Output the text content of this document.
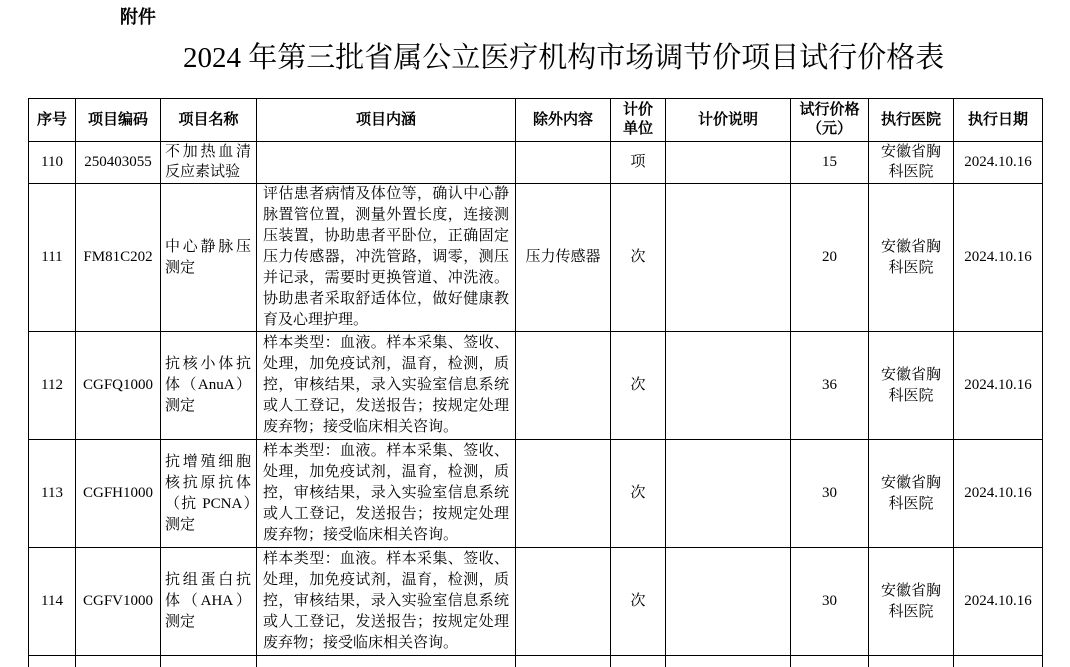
附件
2024 年第三批省属公立医疗机构市场调节价项目试行价格表
序号	项目编码	项目名称	项目内涵	除外内容	计价单位	计价说明	试行价格（元）	执行医院	执行日期
110	250403055	不加热血清反应素试验			项		15	安徽省胸科医院	2024.10.16
111	FM81C202	中心静脉压测定	评估患者病情及体位等，确认中心静脉置管位置，测量外置长度，连接测压装置，协助患者平卧位，正确固定压力传感器，冲洗管路，调零，测压并记录，需要时更换管道、冲洗液。协助患者采取舒适体位，做好健康教育及心理护理。	压力传感器	次		20	安徽省胸科医院	2024.10.16
112	CGFQ1000	抗核小体抗体（AnuA）测定	样本类型：血液。样本采集、签收、处理，加免疫试剂，温育，检测，质控，审核结果，录入实验室信息系统或人工登记，发送报告；按规定处理废弃物；接受临床相关咨询。		次		36	安徽省胸科医院	2024.10.16
113	CGFH1000	抗增殖细胞核抗原抗体（抗 PCNA）测定	样本类型：血液。样本采集、签收、处理，加免疫试剂，温育，检测，质控，审核结果，录入实验室信息系统或人工登记，发送报告；按规定处理废弃物；接受临床相关咨询。		次		30	安徽省胸科医院	2024.10.16
114	CGFV1000	抗组蛋白抗体（AHA）测定	样本类型：血液。样本采集、签收、处理，加免疫试剂，温育，检测，质控，审核结果，录入实验室信息系统或人工登记，发送报告；按规定处理废弃物；接受临床相关咨询。		次		30	安徽省胸科医院	2024.10.16
